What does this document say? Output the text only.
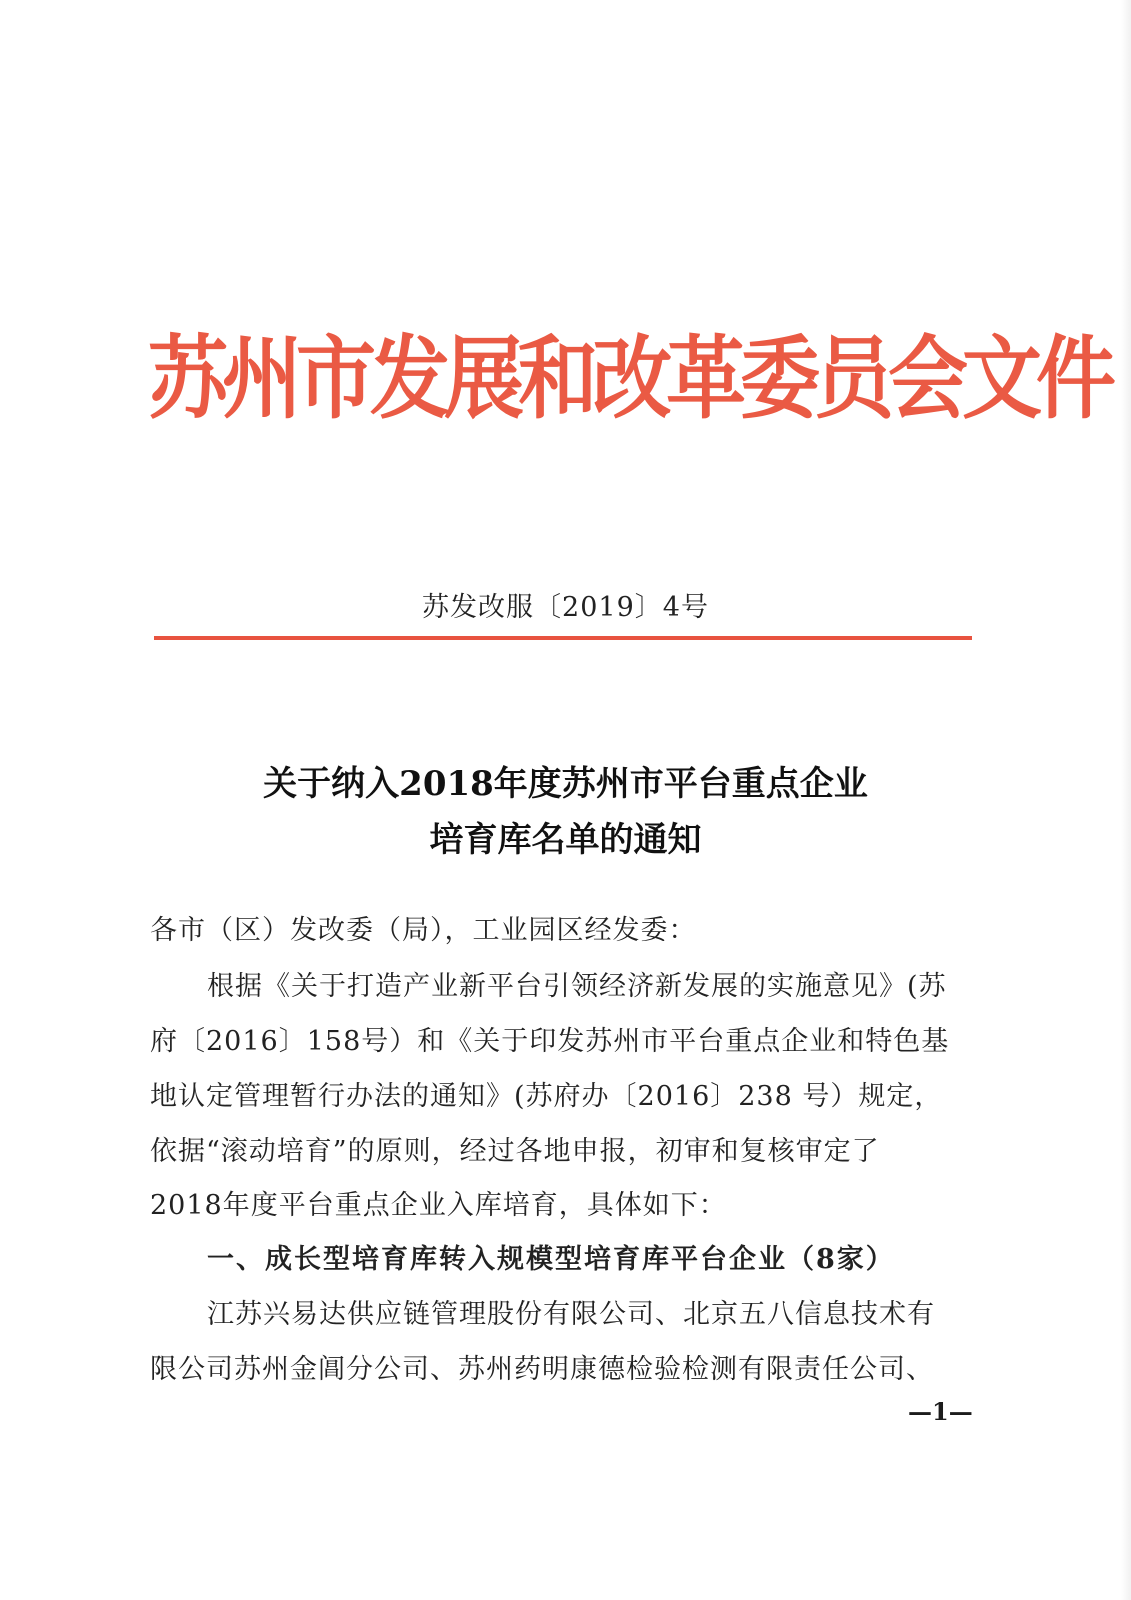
苏州市发展和改革委员会文件
苏发改服〔2019〕4号
关于纳入2018年度苏州市平台重点企业
培育库名单的通知
各市（区）发改委（局），工业园区经发委：
根据《关于打造产业新平台引领经济新发展的实施意见》(苏
府〔2016〕158号）和《关于印发苏州市平台重点企业和特色基
地认定管理暂行办法的通知》(苏府办〔2016〕238 号）规定，
依据“滚动培育”的原则，经过各地申报，初审和复核审定了
2018年度平台重点企业入库培育，具体如下：
一、成长型培育库转入规模型培育库平台企业（8家）
江苏兴易达供应链管理股份有限公司、北京五八信息技术有
限公司苏州金阊分公司、苏州药明康德检验检测有限责任公司、
—1—
